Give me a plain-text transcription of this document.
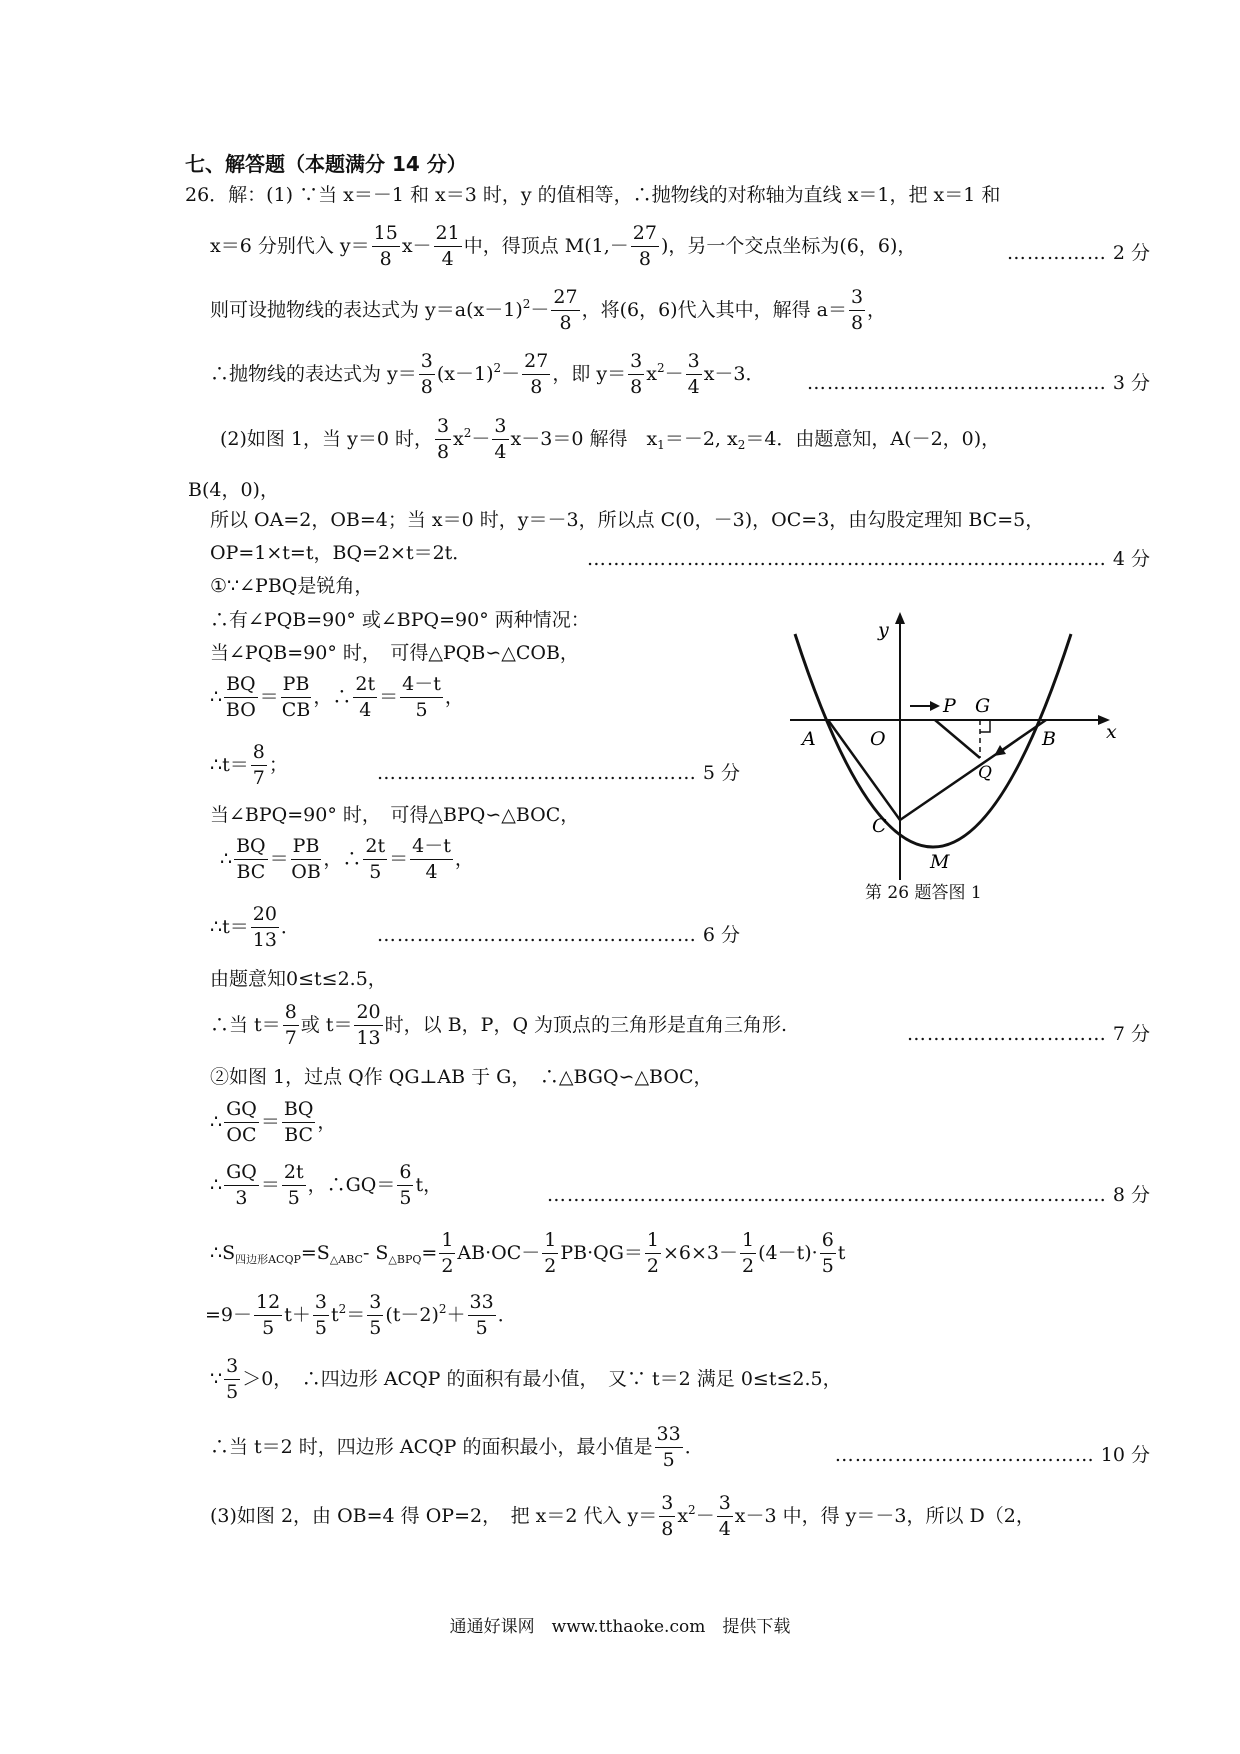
七、解答题（本题满分 14 分）
26．解：(1) ∵当 x＝－1 和 x＝3 时，y 的值相等，∴抛物线的对称轴为直线 x＝1，把 x＝1 和
x＝6 分别代入 $y= \frac{15}{8} x- \frac{21}{4}$ 中，得顶点 $M(1,- \frac{27}{8}$ )，另一个交点坐标为(6，6)，	…………… 2 分
则可设抛物线的表达式为 $y=a(x-1)^2- \frac{27}{8}$ ，将(6，6)代入其中，解得 $a= \frac{3}{8}$ ，
∴抛物线的表达式为 $y= \frac{3}{8} (x-1)^2- \frac{27}{8}$ ，即 $y= \frac{3}{8} x^2- \frac{3}{4} x-3$． ……………………………………… 3 分
(2)如图 1，当 y＝0 时， $\frac{3}{8} x^2- \frac{3}{4} x-3=0$ 解得　$x_1=-2$, $x_2=4$．由题意知，A(－2，0)，
B(4，0)，
所以 OA=2，OB=4；当 x＝0 时，y＝－3，所以点 C(0，－3)，OC=3，由勾股定理知 BC=5，
OP=1×t=t，BQ=2×t＝2t．	…………………………………………………………………… 4 分
①∵∠PBQ是锐角，
∴有∠PQB=90° 或∠BPQ=90° 两种情况：
当∠PQB=90° 时，　可得△PQB∽△COB，
∴ $\frac{BQ}{BO} = \frac{PB}{CB}$ ，∴ $\frac{2t}{4} = \frac{4-t}{5}$ ，
∴t＝ $\frac{8}{7}$ ；	………………………………………… 5 分
当∠BPQ=90° 时，　可得△BPQ∽△BOC，
∴ $\frac{BQ}{BC} = \frac{PB}{OB}$ ，∴ $\frac{2t}{5} = \frac{4-t}{4}$ ，
∴t＝ $\frac{20}{13}$ ．	………………………………………… 6 分
由题意知0≤t≤2.5，
∴当 $t= \frac{8}{7}$ 或 $t= \frac{20}{13}$ 时，以 B，P，Q 为顶点的三角形是直角三角形.	………………………… 7 分
②如图 1，过点 Q作 QG⊥AB 于 G，　∴△BGQ∽△BOC，
∴ $\frac{GQ}{OC} = \frac{BQ}{BC}$ ，
∴ $\frac{GQ}{3} = \frac{2t}{5}$ ，∴GQ＝ $\frac{6}{5}$ t，	………………………………………………………………………… 8 分
$\therefore S_{四边形ACQP}=S_{\triangle ABC}-$ $S_{\triangle BPQ}= \frac{1}{2} AB\cdot OC- \frac{1}{2} PB\cdot QG= \frac{1}{2} \times 6\times 3- \frac{1}{2} (4-t)\cdot \frac{6}{5}$ t
$=9- \frac{12}{5} t+ \frac{3}{5} t^2= \frac{3}{5} (t-2)^2+ \frac{33}{5}$ ．
∵ $\frac{3}{5} >0$，　∴四边形 ACQP 的面积有最小值，　又∵ t＝2 满足 0≤t≤2.5，
∴当 t＝2 时，四边形 ACQP 的面积最小，最小值是 $\frac{33}{5}$ ．	………………………………… 10 分
(3)如图 2，由 OB=4 得 OP=2，　把 x＝2 代入 $y= \frac{3}{8} x^2- \frac{3}{4} x-3$ 中，得 y＝－3，所以 D（2，
y
x
A	O
P G
B
Q
C
M
第 26 题答图 1
通通好课网　www.tthaoke.com　提供下载
